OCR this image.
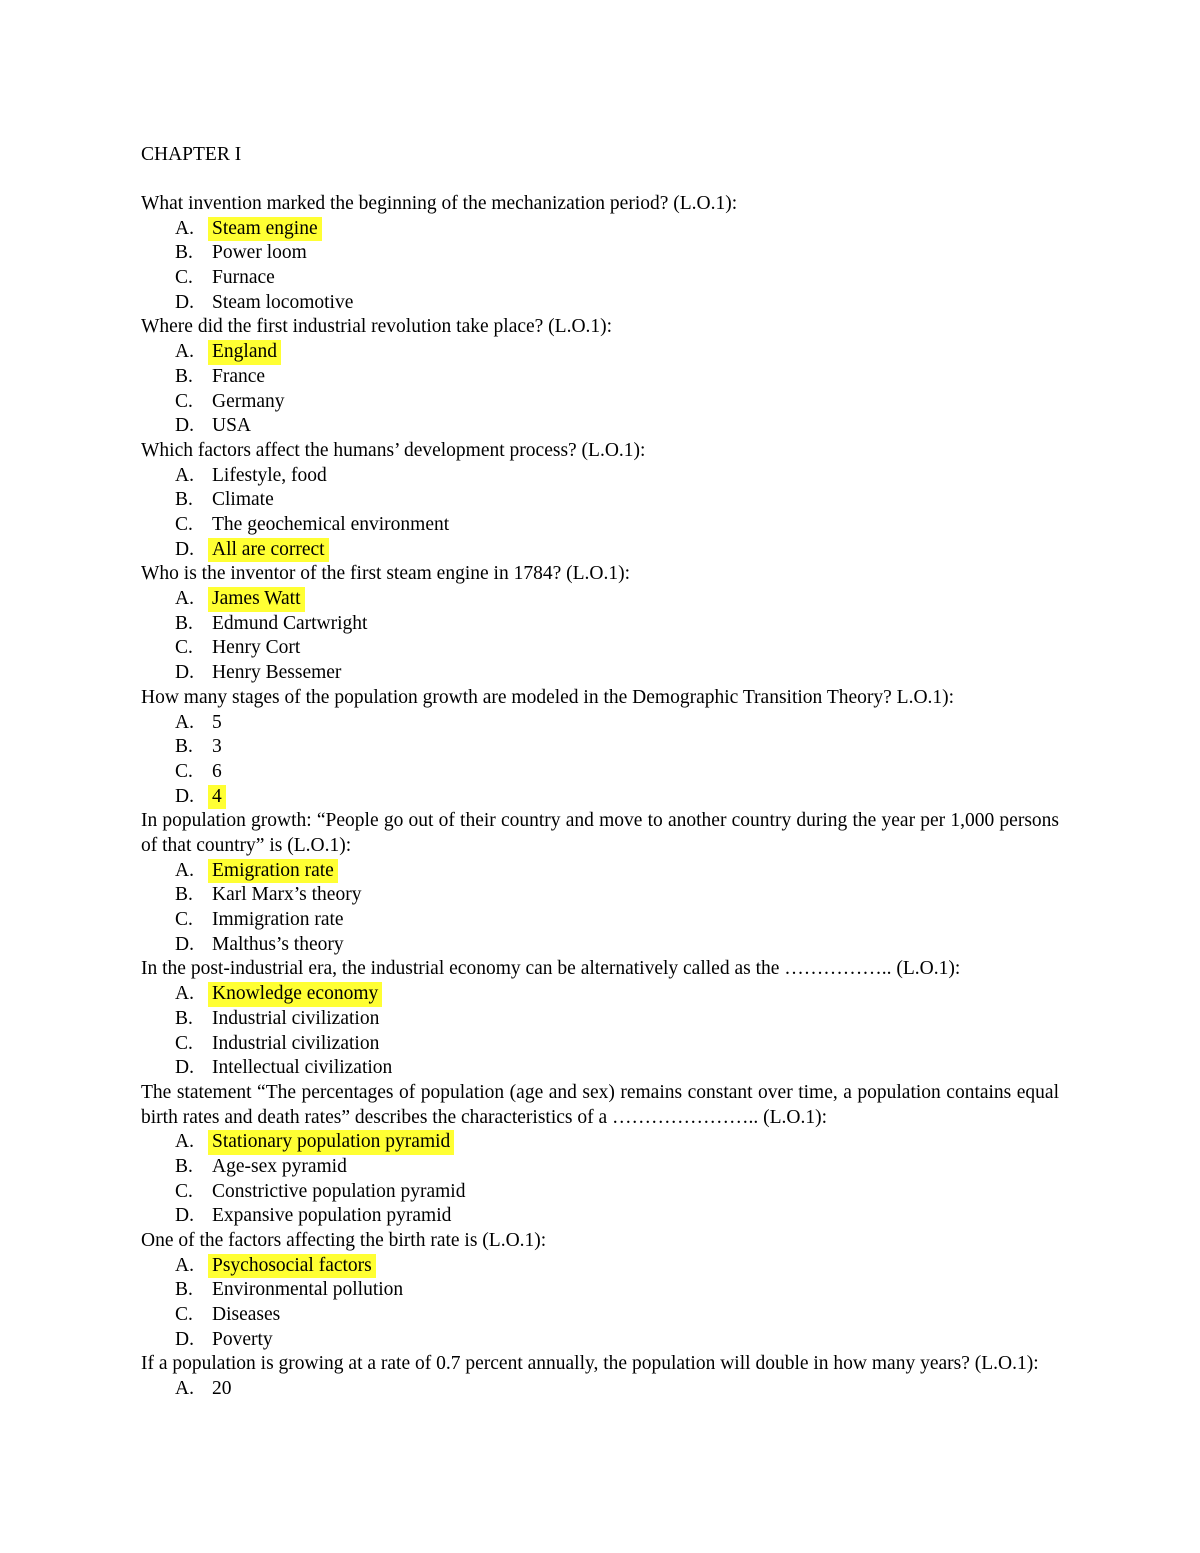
CHAPTER I
What invention marked the beginning of the mechanization period? (L.O.1):
A. Steam engine
B. Power loom
C. Furnace
D. Steam locomotive
Where did the first industrial revolution take place? (L.O.1):
A. England
B. France
C. Germany
D. USA
Which factors affect the humans’ development process? (L.O.1):
A. Lifestyle, food
B. Climate
C. The geochemical environment
D. All are correct
Who is the inventor of the first steam engine in 1784? (L.O.1):
A. James Watt
B. Edmund Cartwright
C. Henry Cort
D. Henry Bessemer
How many stages of the population growth are modeled in the Demographic Transition Theory? L.O.1):
A. 5
B. 3
C. 6
D. 4
In population growth: “People go out of their country and move to another country during the year per 1,000 persons of that country” is (L.O.1):
A. Emigration rate
B. Karl Marx’s theory
C. Immigration rate
D. Malthus’s theory
In the post-industrial era, the industrial economy can be alternatively called as the …………….. (L.O.1):
A. Knowledge economy
B. Industrial civilization
C. Industrial civilization
D. Intellectual civilization
The statement “The percentages of population (age and sex) remains constant over time, a population contains equal birth rates and death rates” describes the characteristics of a ………………….. (L.O.1):
A. Stationary population pyramid
B. Age-sex pyramid
C. Constrictive population pyramid
D. Expansive population pyramid
One of the factors affecting the birth rate is (L.O.1):
A. Psychosocial factors
B. Environmental pollution
C. Diseases
D. Poverty
If a population is growing at a rate of 0.7 percent annually, the population will double in how many years? (L.O.1):
A. 20
